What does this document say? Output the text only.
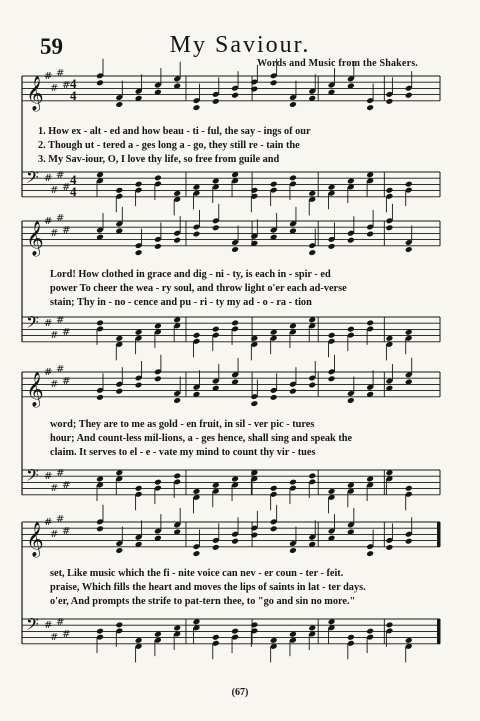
59	My Saviour.
Words and Music from the Shakers.
#
#
#
#
𝄞
#
#
#
#
𝄢
4
4
4
4
#
#
#
#
𝄞
#
#
#
#
𝄢
#
#
#
#
𝄞
#
#
#
#
𝄢
#
#
#
#
𝄞
#
#
#
#
𝄢
1. How ex - alt - ed and how beau - ti - ful, the say - ings of our
2. Though ut - tered a - ges long a - go, they still re - tain the
3. My Sav-iour, O, I love thy life, so free from guile and
Lord! How clothed in grace and dig - ni - ty, is each in - spir - ed
power To cheer the wea - ry soul, and throw light o'er each ad-verse
stain; Thy in - no - cence and pu - ri - ty my ad - o - ra - tion
word; They are to me as gold - en fruit, in sil - ver pic - tures
hour; And count-less mil-lions, a - ges hence, shall sing and speak the
claim. It serves to el - e - vate my mind to count thy vir - tues
set, Like music which the fi - nite voice can nev - er coun - ter - feit.
praise, Which fills the heart and moves the lips of saints in lat - ter days.
o'er, And prompts the strife to pat-tern thee, to "go and sin no more."
(67)
